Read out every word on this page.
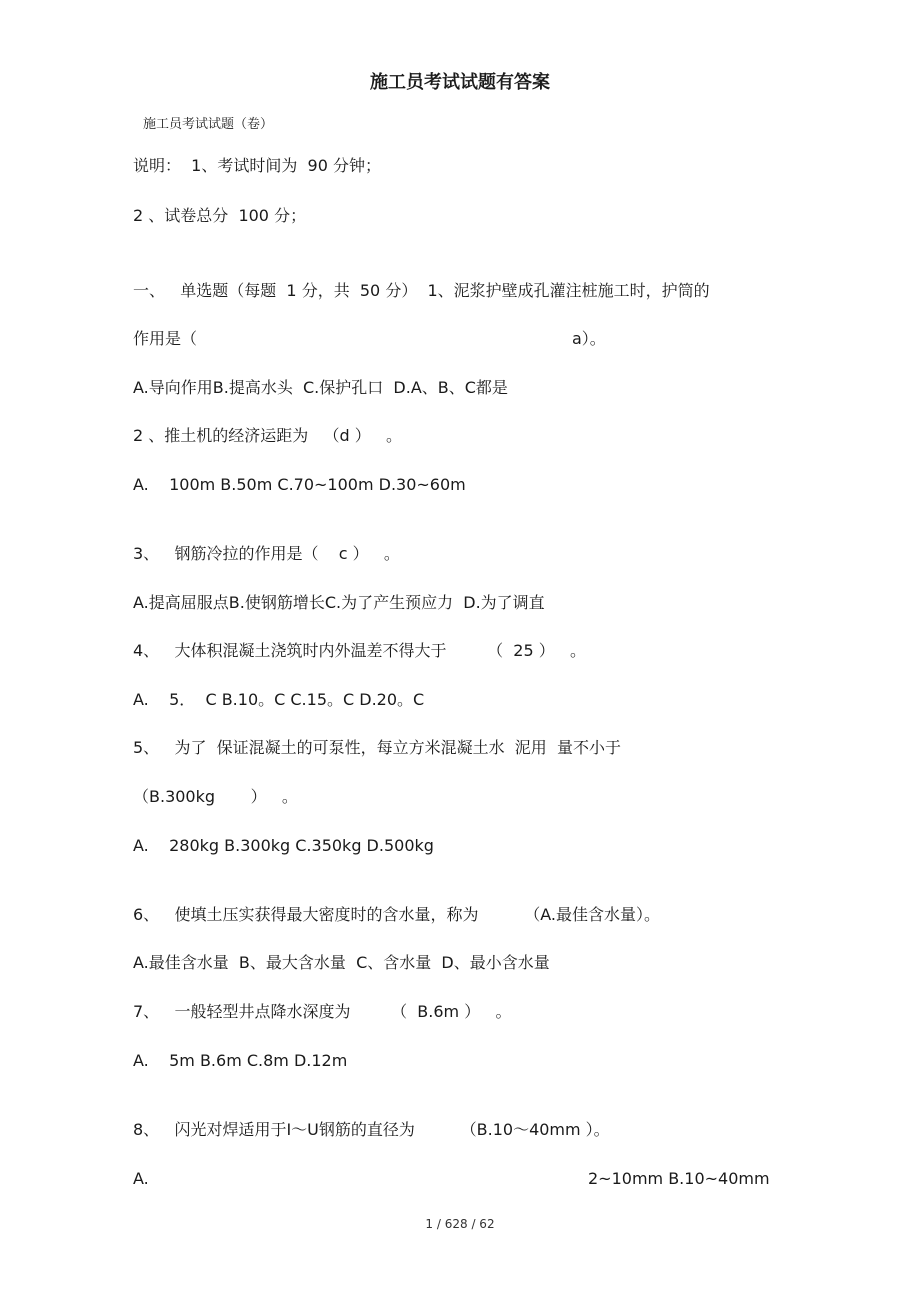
施工员考试试题有答案
施工员考试试题（卷）
说明：  1、考试时间为  90 分钟；
2 、试卷总分  100 分；
一、   单选题（每题  1 分，共  50 分）  1、泥浆护壁成孔灌注桩施工时，护筒的
作用是（	a）。
A.导向作用B.提高水头  C.保护孔口  D.A、B、C都是
2 、推土机的经济运距为   （d ）   。
A.    100m B.50m C.70~100m D.30~60m
3、   钢筋冷拉的作用是（    c ）   。
A.提高屈服点B.使钢筋增长C.为了产生预应力  D.为了调直
4、   大体积混凝土浇筑时内外温差不得大于        （  25 ）   。
A.    5．  C B.10。C C.15。C D.20。C
5、   为了  保证混凝土的可泵性，每立方米混凝土水  泥用  量不小于
（B.300kg       ）   。
A.    280kg B.300kg C.350kg D.500kg
6、   使填土压实获得最大密度时的含水量，称为         （A.最佳含水量）。
A.最佳含水量  B、最大含水量  C、含水量  D、最小含水量
7、   一般轻型井点降水深度为        （  B.6m ）   。
A.    5m B.6m C.8m D.12m
8、   闪光对焊适用于I〜U钢筋的直径为         （B.10〜40mm ）。
A.	2~10mm B.10~40mm
1 / 628 / 62
